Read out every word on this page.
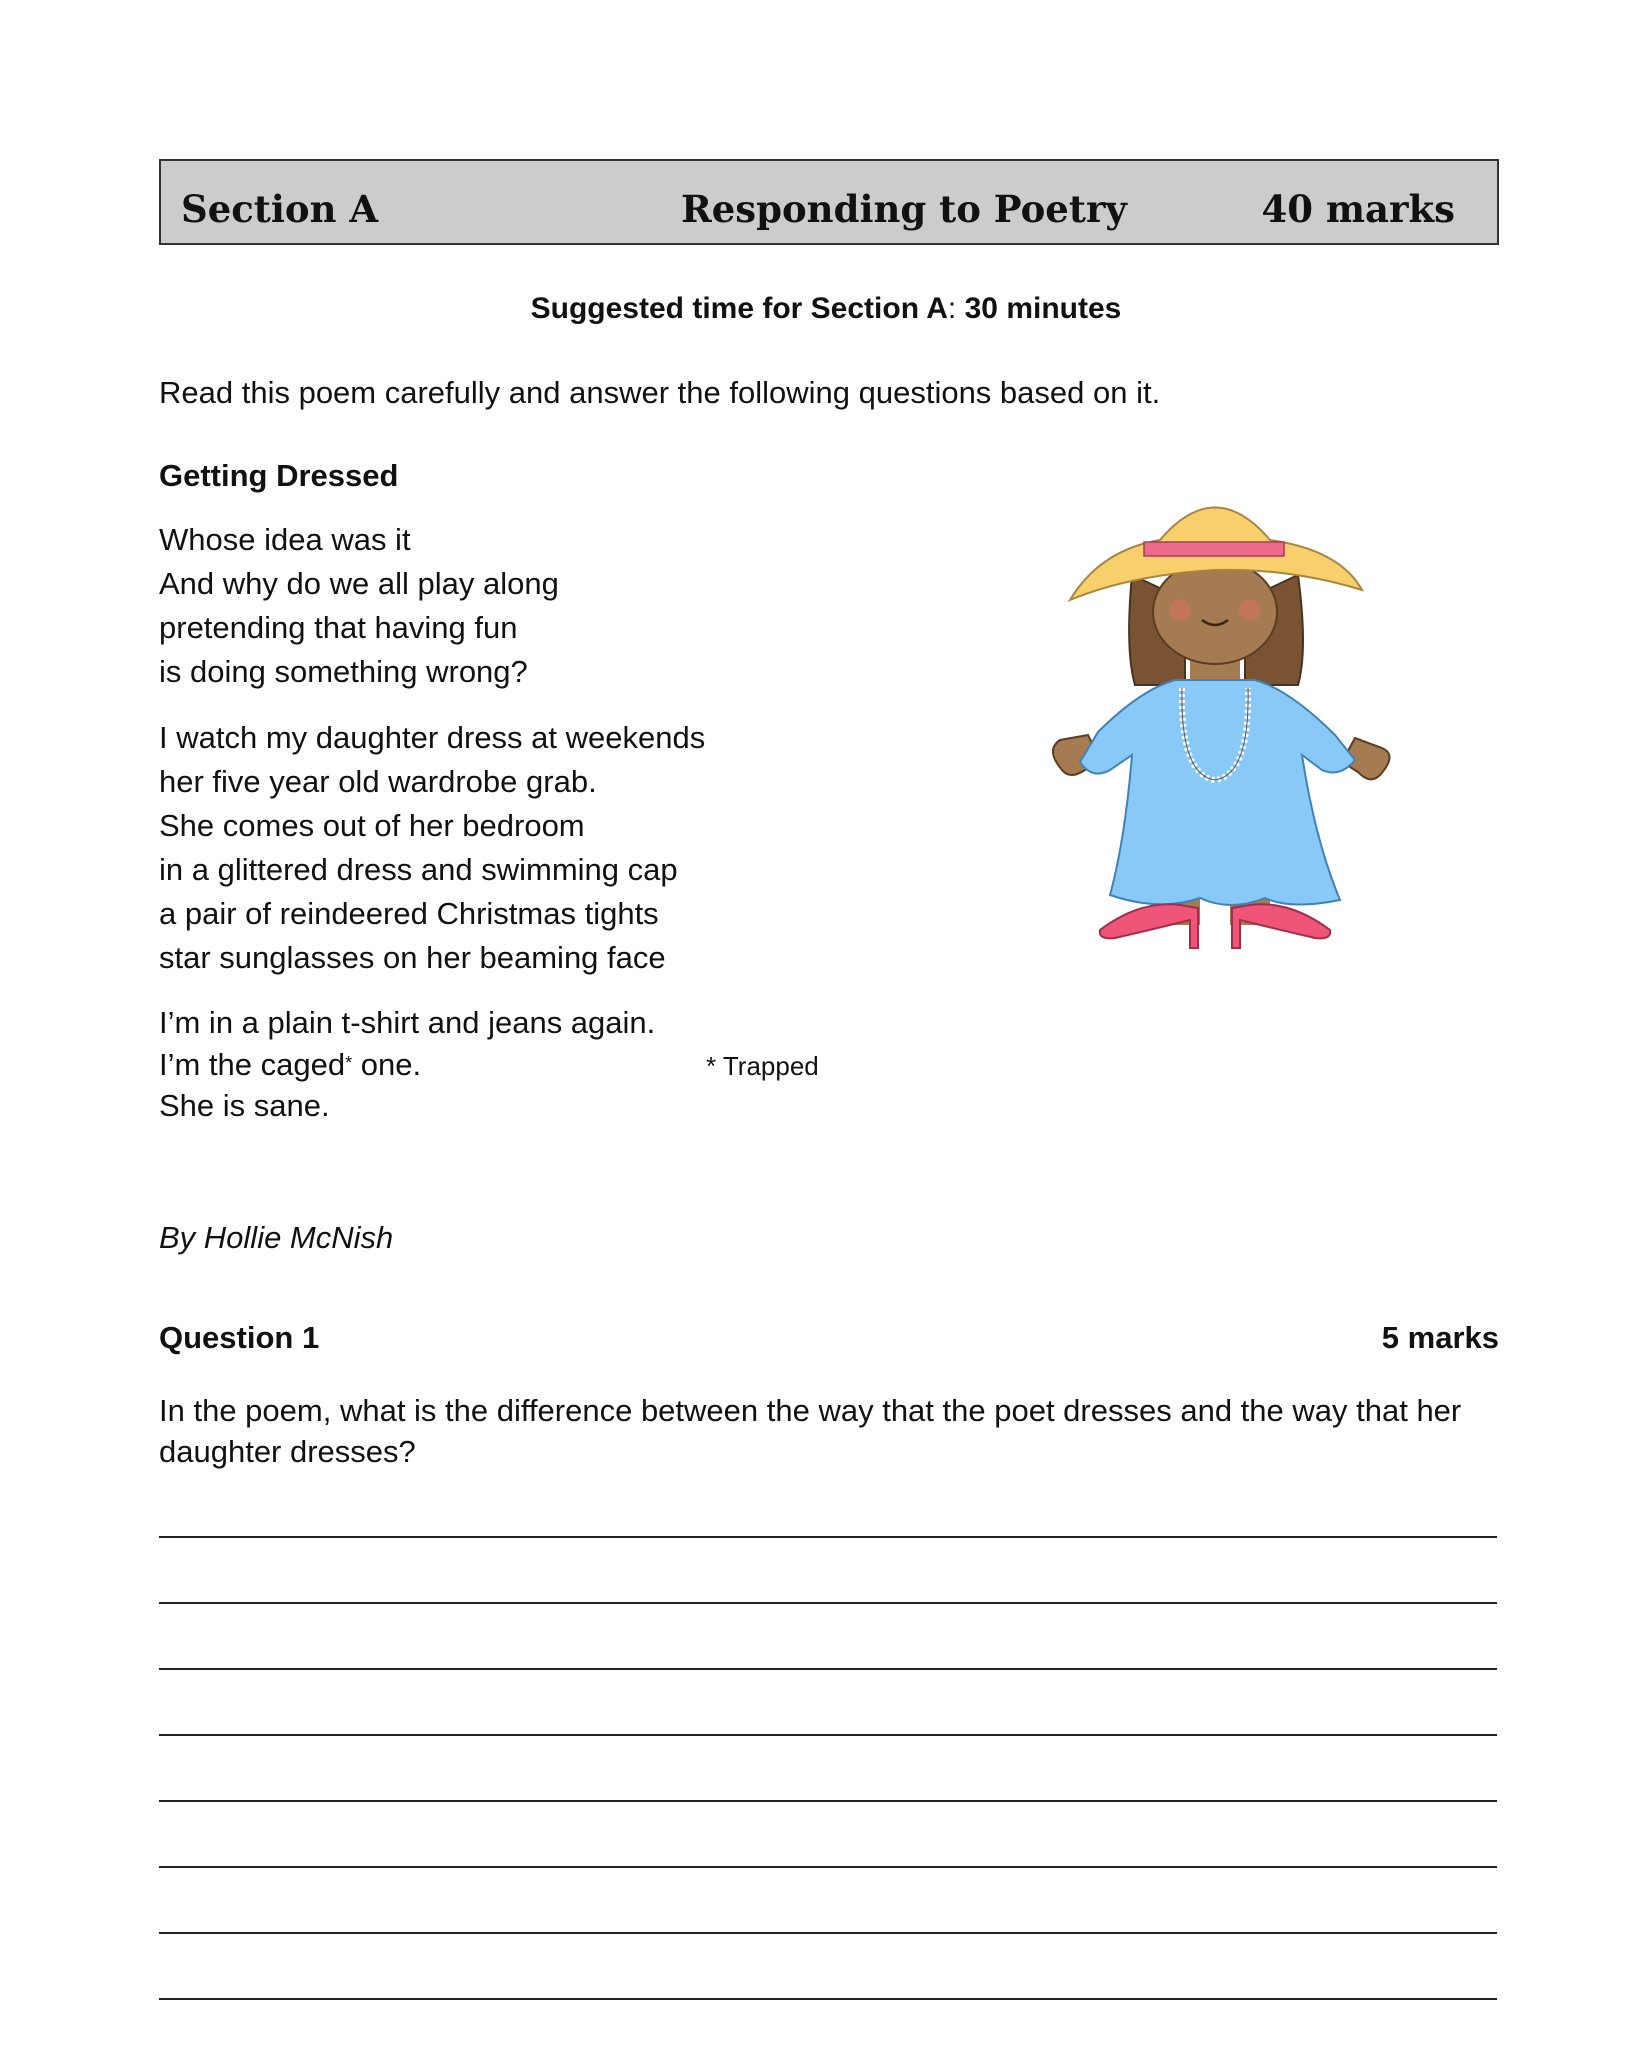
Section A	Responding to Poetry	40 marks
Suggested time for Section A: 30 minutes
Read this poem carefully and answer the following questions based on it.
Getting Dressed
Whose idea was it
And why do we all play along
pretending that having fun
is doing something wrong?
I watch my daughter dress at weekends
her five year old wardrobe grab.
She comes out of her bedroom
in a glittered dress and swimming cap
a pair of reindeered Christmas tights
star sunglasses on her beaming face
I’m in a plain t-shirt and jeans again.
I’m the caged* one.
She is sane.
* Trapped
By Hollie McNish
Question 1	5 marks
In the poem, what is the difference between the way that the poet dresses and the way that her daughter dresses?
